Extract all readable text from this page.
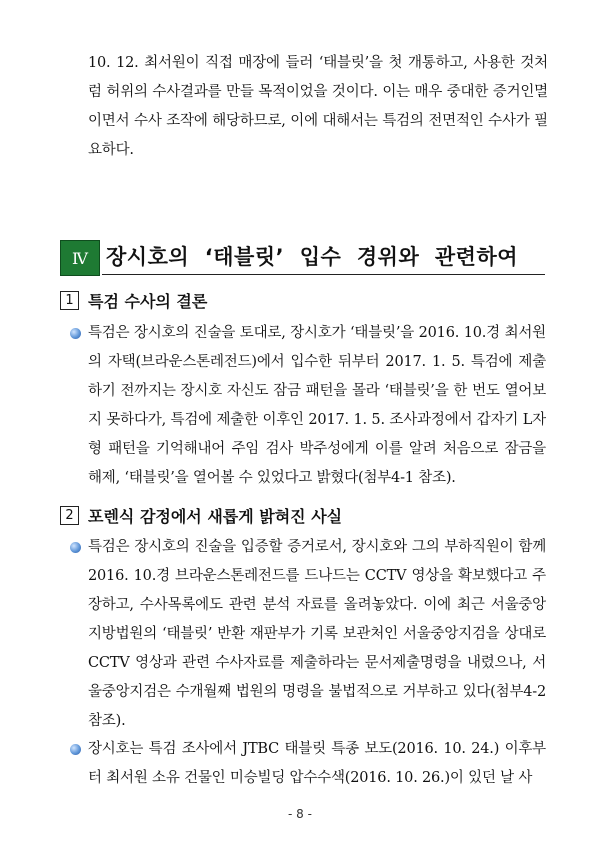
10. 12. 최서원이 직접 매장에 들러 ‘태블릿’을 첫 개통하고, 사용한 것처럼 허위의 수사결과를 만들 목적이었을 것이다. 이는 매우 중대한 증거인멸이면서 수사 조작에 해당하므로, 이에 대해서는 특검의 전면적인 수사가 필요하다.
Ⅳ 장시호의  ‘태블릿’  입수  경위와  관련하여
1 특검 수사의 결론
특검은 장시호의 진술을 토대로, 장시호가 ‘태블릿’을 2016. 10.경 최서원의 자택(브라운스톤레전드)에서 입수한 뒤부터 2017. 1. 5. 특검에 제출하기 전까지는 장시호 자신도 잠금 패턴을 몰라 ‘태블릿’을 한 번도 열어보지 못하다가, 특검에 제출한 이후인 2017. 1. 5. 조사과정에서 갑자기 L자형 패턴을 기억해내어 주임 검사 박주성에게 이를 알려 처음으로 잠금을 해제, ‘태블릿’을 열어볼 수 있었다고 밝혔다(첨부4-1 참조).
2 포렌식 감정에서 새롭게 밝혀진 사실
특검은 장시호의 진술을 입증할 증거로서, 장시호와 그의 부하직원이 함께 2016. 10.경 브라운스톤레전드를 드나드는 CCTV 영상을 확보했다고 주장하고, 수사목록에도 관련 분석 자료를 올려놓았다. 이에 최근 서울중앙지방법원의 ‘태블릿’ 반환 재판부가 기록 보관처인 서울중앙지검을 상대로 CCTV 영상과 관련 수사자료를 제출하라는 문서제출명령을 내렸으나, 서울중앙지검은 수개월째 법원의 명령을 불법적으로 거부하고 있다(첨부4-2 참조).
장시호는 특검 조사에서 JTBC 태블릿 특종 보도(2016. 10. 24.) 이후부터 최서원 소유 건물인 미승빌딩 압수수색(2016. 10. 26.)이 있던 날 사
- 8 -
